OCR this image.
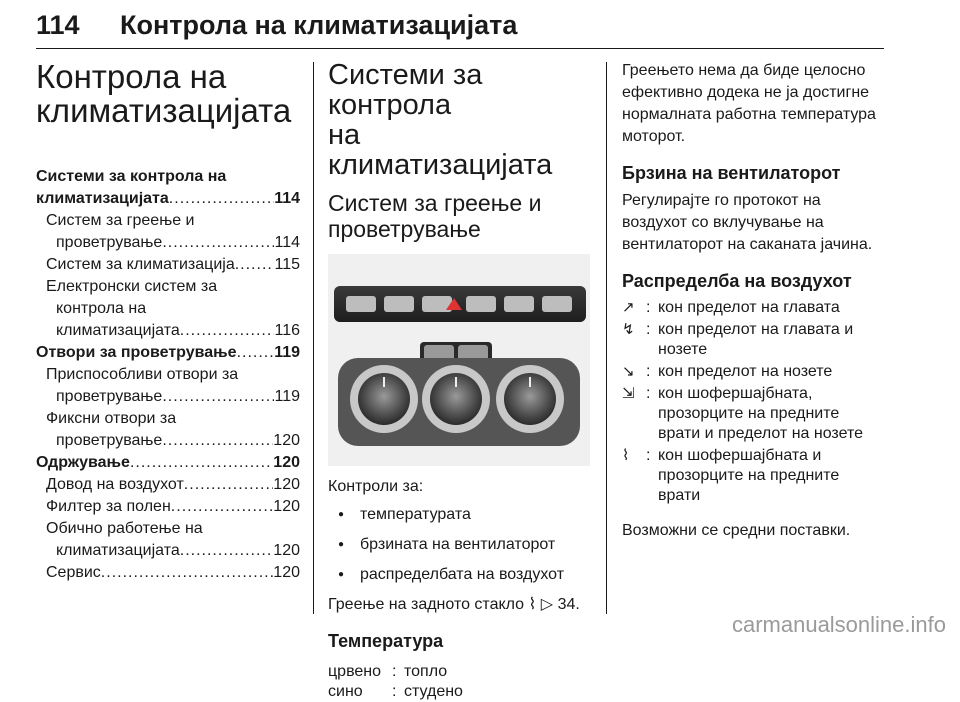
114 Контрола на климатизацијата
Контрола на
климатизацијата
Системи за контрола на
климатизацијата .....	114
Систем за греење и
проветрување .....	114
Систем за климатизација ..... 115
Електронски систем за
контрола на
климатизацијата .....	116
Отвори за проветрување ..... 119
Приспособливи отвори за
проветрување .....	119
Фиксни отвори за
проветрување .....	120
Одржување .....	120
Довод на воздухот .....	120
Филтер за полен .....	120
Обично работење на
климатизацијата .....	120
Сервис .....	120
Системи за контрола
на климатизацијата
Систем за греење и
проветрување
Контроли за:
● температурата
● брзината на вентилаторот
● распределбата на воздухот
Греење на задното стакло ⌇ ▷ 34.
Температура
црвено : топло
сино	: студено
Греењето нема да биде целосно ефективно додека не ја достигне нормалната работна температура моторот.
Брзина на вентилаторот
Регулирајте го протокот на воздухот со вклучување на вентилаторот на саканата јачина.
Распределба на воздухот
↗ : кон пределот на главата
↯ : кон пределот на главата и нозете
↘ : кон пределот на нозете
⇲ : кон шофершајбната, прозорците на предните врати и пределот на нозете
⌇	: кон шофершајбната и прозорците на предните врати
Возможни се средни поставки.
carmanualsonline.info
